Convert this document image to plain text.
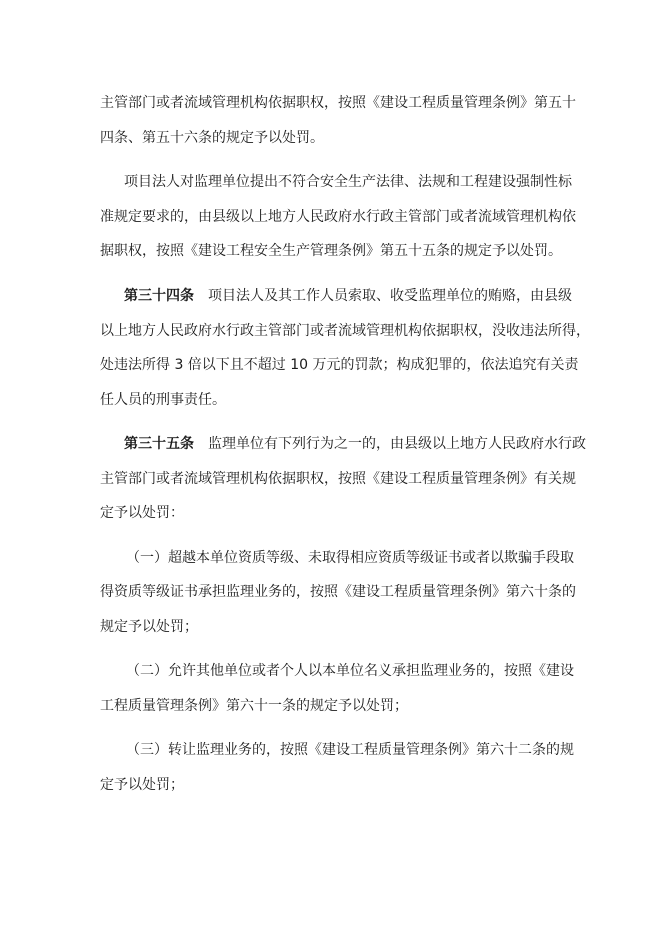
主管部门或者流域管理机构依据职权，按照《建设工程质量管理条例》第五十
四条、第五十六条的规定予以处罚。
项目法人对监理单位提出不符合安全生产法律、法规和工程建设强制性标
准规定要求的，由县级以上地方人民政府水行政主管部门或者流域管理机构依
据职权，按照《建设工程安全生产管理条例》第五十五条的规定予以处罚。
第三十四条 项目法人及其工作人员索取、收受监理单位的贿赂，由县级
以上地方人民政府水行政主管部门或者流域管理机构依据职权，没收违法所得，
处违法所得 3 倍以下且不超过 10 万元的罚款；构成犯罪的，依法追究有关责
任人员的刑事责任。
第三十五条 监理单位有下列行为之一的，由县级以上地方人民政府水行政
主管部门或者流域管理机构依据职权，按照《建设工程质量管理条例》有关规
定予以处罚：
（一）超越本单位资质等级、未取得相应资质等级证书或者以欺骗手段取
得资质等级证书承担监理业务的，按照《建设工程质量管理条例》第六十条的
规定予以处罚；
（二）允许其他单位或者个人以本单位名义承担监理业务的，按照《建设
工程质量管理条例》第六十一条的规定予以处罚；
（三）转让监理业务的，按照《建设工程质量管理条例》第六十二条的规
定予以处罚；
